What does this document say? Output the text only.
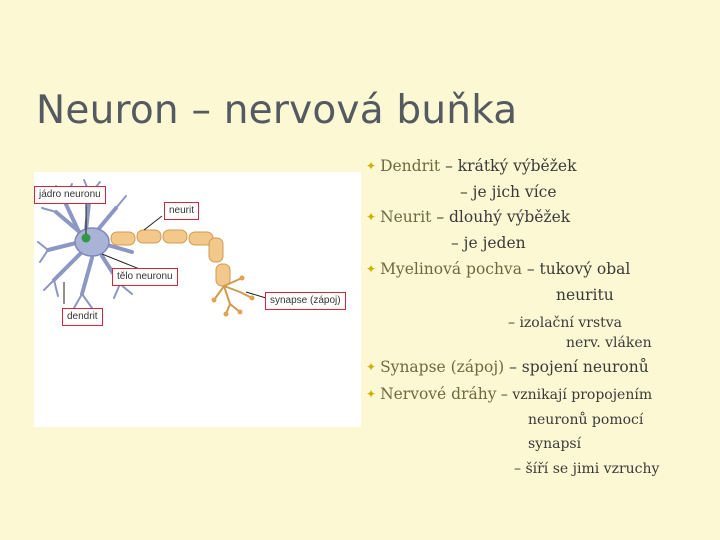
Neuron – nervová buňka
jádro neuronu
neurit
tělo neuronu
synapse (zápoj)
dendrit
✦ Dendrit – krátký výběžek
– je jich více
✦ Neurit – dlouhý výběžek
– je jeden
✦ Myelinová pochva – tukový obal
neuritu
– izolační vrstva
nerv. vláken
✦ Synapse (zápoj) – spojení neuronů
✦ Nervové dráhy – vznikají propojením
neuronů pomocí
synapsí
– šíří se jimi vzruchy
